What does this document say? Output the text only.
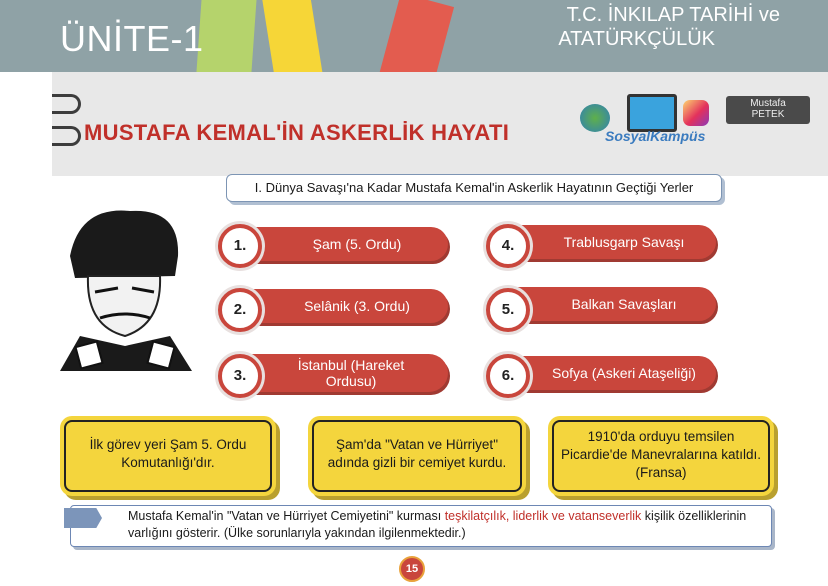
ÜNİTE-1
T.C. İNKILAP TARİHİ ve
ATATÜRKÇÜLÜK
MUSTAFA KEMAL'İN ASKERLİK HAYATI
Mustafa
PETEK
SosyalKampüs
I. Dünya Savaşı'na Kadar Mustafa Kemal'in Askerlik Hayatının Geçtiği Yerler
Şam (5. Ordu)
1.
Selânik (3. Ordu)
2.
İstanbul (Hareket Ordusu)
3.
Trablusgarp Savaşı
4.
Balkan Savaşları
5.
Sofya (Askeri Ataşeliği)
6.
İlk görev yeri Şam 5. Ordu Komutanlığı'dır.
Şam'da "Vatan ve Hürriyet" adında gizli bir cemiyet kurdu.
1910'da orduyu temsilen Picardie'de Manevralarına katıldı. (Fransa)
Mustafa Kemal'in "Vatan ve Hürriyet Cemiyetini" kurması teşkilatçılık, liderlik ve vatanseverlik kişilik özelliklerinin varlığını gösterir. (Ülke sorunlarıyla yakından ilgilenmektedir.)
15
